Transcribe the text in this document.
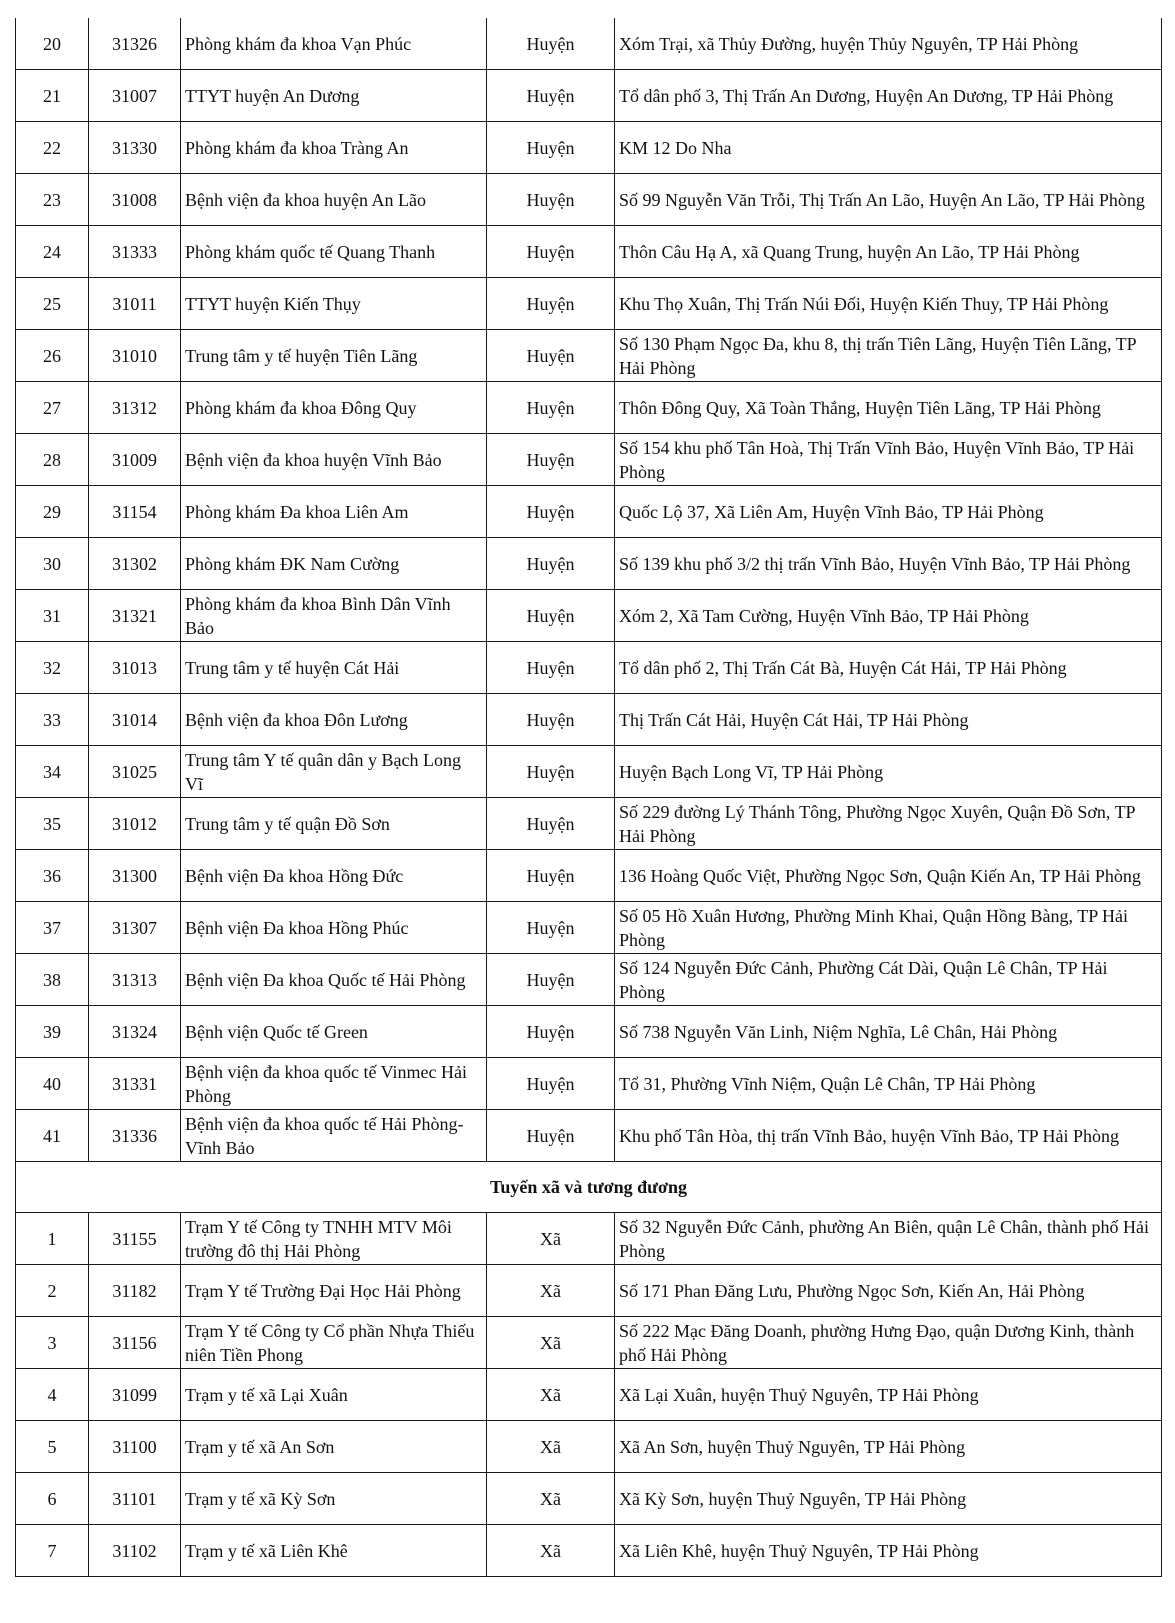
20	31326	Phòng khám đa khoa Vạn Phúc	Huyện	Xóm Trại, xã Thủy Đường, huyện Thủy Nguyên, TP Hải Phòng
21	31007	TTYT huyện An Dương	Huyện	Tổ dân phố 3, Thị Trấn An Dương, Huyện An Dương, TP Hải Phòng
22	31330	Phòng khám đa khoa Tràng An	Huyện	KM 12 Do Nha
23	31008	Bệnh viện đa khoa huyện An Lão	Huyện	Số 99 Nguyễn Văn Trỗi, Thị Trấn An Lão, Huyện An Lão, TP Hải Phòng
24	31333	Phòng khám quốc tế Quang Thanh	Huyện	Thôn Câu Hạ A, xã Quang Trung, huyện An Lão, TP Hải Phòng
25	31011	TTYT huyện Kiến Thụy	Huyện	Khu Thọ Xuân, Thị Trấn Núi Đối, Huyện Kiến Thuy, TP Hải Phòng
26	31010	Trung tâm y tế huyện Tiên Lãng	Huyện	Số 130 Phạm Ngọc Đa, khu 8, thị trấn Tiên Lãng, Huyện Tiên Lãng, TP Hải Phòng
27	31312	Phòng khám đa khoa Đông Quy	Huyện	Thôn Đông Quy, Xã Toàn Thắng, Huyện Tiên Lãng, TP Hải Phòng
28	31009	Bệnh viện đa khoa huyện Vĩnh Bảo	Huyện	Số 154 khu phố Tân Hoà, Thị Trấn Vĩnh Bảo, Huyện Vĩnh Bảo, TP Hải Phòng
29	31154	Phòng khám Đa khoa Liên Am	Huyện	Quốc Lộ 37, Xã Liên Am, Huyện Vĩnh Bảo, TP Hải Phòng
30	31302	Phòng khám ĐK Nam Cường	Huyện	Số 139 khu phố 3/2 thị trấn Vĩnh Bảo, Huyện Vĩnh Bảo, TP Hải Phòng
31	31321	Phòng khám đa khoa Bình Dân Vĩnh Bảo	Huyện	Xóm 2, Xã Tam Cường, Huyện Vĩnh Bảo, TP Hải Phòng
32	31013	Trung tâm y tế huyện Cát Hải	Huyện	Tổ dân phố 2, Thị Trấn Cát Bà, Huyện Cát Hải, TP Hải Phòng
33	31014	Bệnh viện đa khoa Đôn Lương	Huyện	Thị Trấn Cát Hải, Huyện Cát Hải, TP Hải Phòng
34	31025	Trung tâm Y tế quân dân y Bạch Long Vĩ	Huyện	Huyện Bạch Long Vĩ, TP Hải Phòng
35	31012	Trung tâm y tế quận Đồ Sơn	Huyện	Số 229 đường Lý Thánh Tông, Phường Ngọc Xuyên, Quận Đồ Sơn, TP Hải Phòng
36	31300	Bệnh viện Đa khoa Hồng Đức	Huyện	136 Hoàng Quốc Việt, Phường Ngọc Sơn, Quận Kiến An, TP Hải Phòng
37	31307	Bệnh viện Đa khoa Hồng Phúc	Huyện	Số 05 Hồ Xuân Hương, Phường Minh Khai, Quận Hồng Bàng, TP Hải Phòng
38	31313	Bệnh viện Đa khoa Quốc tế Hải Phòng	Huyện	Số 124 Nguyễn Đức Cảnh, Phường Cát Dài, Quận Lê Chân, TP Hải Phòng
39	31324	Bệnh viện Quốc tế Green	Huyện	Số 738 Nguyễn Văn Linh, Niệm Nghĩa, Lê Chân, Hải Phòng
40	31331	Bệnh viện đa khoa quốc tế Vinmec Hải Phòng	Huyện	Tổ 31, Phường Vĩnh Niệm, Quận Lê Chân, TP Hải Phòng
41	31336	Bệnh viện đa khoa quốc tế Hải Phòng-Vĩnh Bảo	Huyện	Khu phố Tân Hòa, thị trấn Vĩnh Bảo, huyện Vĩnh Bảo, TP Hải Phòng
Tuyến xã và tương đương				
1	31155	Trạm Y tế Công ty TNHH MTV Môi trường đô thị Hải Phòng	Xã	Số 32 Nguyễn Đức Cảnh, phường An Biên, quận Lê Chân, thành phố Hải Phòng
2	31182	Trạm Y tế Trường Đại Học Hải Phòng	Xã	Số 171 Phan Đăng Lưu, Phường Ngọc Sơn, Kiến An, Hải Phòng
3	31156	Trạm Y tế Công ty Cổ phần Nhựa Thiếu niên Tiền Phong	Xã	Số 222 Mạc Đăng Doanh, phường Hưng Đạo, quận Dương Kinh, thành phố Hải Phòng
4	31099	Trạm y tế xã Lại Xuân	Xã	Xã Lại Xuân, huyện Thuỷ Nguyên, TP Hải Phòng
5	31100	Trạm y tế xã An Sơn	Xã	Xã An Sơn, huyện Thuỷ Nguyên, TP Hải Phòng
6	31101	Trạm y tế xã Kỳ Sơn	Xã	Xã Kỳ Sơn, huyện Thuỷ Nguyên, TP Hải Phòng
7	31102	Trạm y tế xã Liên Khê	Xã	Xã Liên Khê, huyện Thuỷ Nguyên, TP Hải Phòng
